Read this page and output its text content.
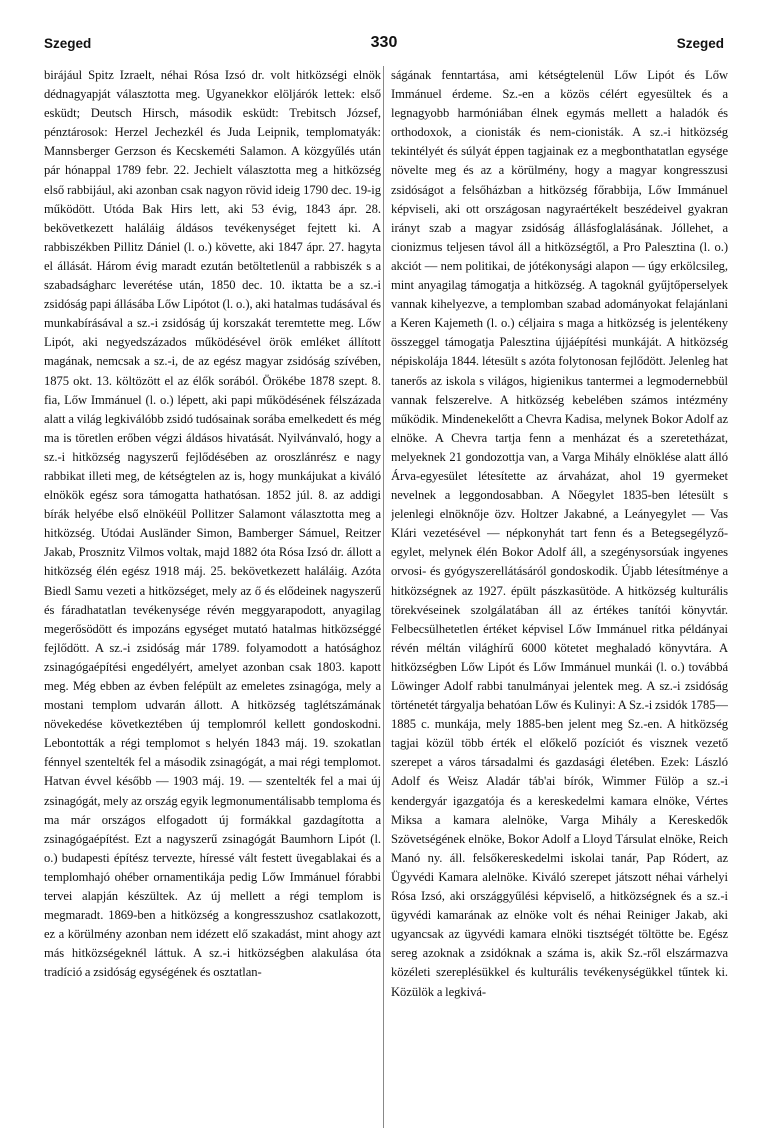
Szeged	330	Szeged

birájául Spitz Izraelt, néhai Rósa Izsó dr. volt hitközségi elnök dédnagyapját választotta meg. Ugyanekkor elöljárók lettek: első esküdt; Deutsch Hirsch, második esküdt: Trebitsch József, pénztárosok: Herzel Jechezkél és Juda Leipnik, templomatyák: Mannsberger Gerzson és Kecskeméti Salamon. A közgyűlés után pár hónappal 1789 febr. 22. Jechielt választotta meg a hitközség első rabbijául, aki azonban csak nagyon rövid ideig 1790 dec. 19-ig működött. Utóda Bak Hirs lett, aki 53 évig, 1843 ápr. 28. bekövetkezett haláláig áldásos tevékenységet fejtett ki. A rabbiszékben Pillitz Dániel (l. o.) követte, aki 1847 ápr. 27. hagyta el állását. Három évig maradt ezután betöltetlenül a rabbiszék s a szabadságharc leverétése után, 1850 dec. 10. iktatta be a sz.-i zsidóság papi állásába Lőw Lipótot (l. o.), aki hatalmas tudásával és munkabírásával a sz.-i zsidóság új korszakát teremtette meg. Lőw Lipót, aki negyedszázados működésével örök emléket állított magának, nemcsak a sz.-i, de az egész magyar zsidóság szívében, 1875 okt. 13. költözött el az élők sorából. Örökébe 1878 szept. 8. fia, Lőw Immánuel (l. o.) lépett, aki papi működésének félszázada alatt a világ legkiválóbb zsidó tudósainak sorába emelkedett és még ma is töretlen erőben végzi áldásos hivatását. Nyilvánvaló, hogy a sz.-i hitközség nagyszerű fejlődésében az oroszlánrész e nagy rabbikat illeti meg, de kétségtelen az is, hogy munkájukat a kiváló elnökök egész sora támogatta hathatósan. 1852 júl. 8. az addigi bírák helyébe első elnökéül Pollitzer Salamont választotta meg a hitközség. Utódai Ausländer Simon, Bamberger Sámuel, Reitzer Jakab, Prosznitz Vilmos voltak, majd 1882 óta Rósa Izsó dr. állott a hitközség élén egész 1918 máj. 25. bekövetkezett haláláig. Azóta Biedl Samu vezeti a hitközséget, mely az ő és elődeinek nagyszerű és fáradhatatlan tevékenysége révén meggyarapodott, anyagilag megerősödött és impozáns egységet mutató hatalmas hitközséggé fejlődött. A sz.-i zsidóság már 1789. folyamodott a hatósághoz zsinagógaépítési engedélyért, amelyet azonban csak 1803. kapott meg. Még ebben az évben felépült az emeletes zsinagóga, mely a mostani templom udvarán állott. A hitközség taglétszámának növekedése következtében új templomról kellett gondoskodni. Lebontották a régi templomot s helyén 1843 máj. 19. szokatlan fénnyel szentelték fel a második zsinagógát, a mai régi templomot. Hatvan évvel később — 1903 máj. 19. — szentelték fel a mai új zsinagógát, mely az ország egyik legmonumentálisabb temploma és ma már országos elfogadott új formákkal gazdagította a zsinagógaépítést. Ezt a nagyszerű zsinagógát Baumhorn Lipót (l. o.) budapesti építész tervezte, híressé vált festett üvegablakai és a templomhajó ohéber ornamentikája pedig Lőw Immánuel fórabbi tervei alapján készültek. Az új mellett a régi templom is megmaradt. 1869-ben a hitközség a kongresszushoz csatlakozott, ez a körülmény azonban nem idézett elő szakadást, mint ahogy azt más hitközségeknél láttuk. A sz.-i hitközségben alakulása óta tradíció a zsidóság egységének és osztatlan-

ságának fenntartása, ami kétségtelenül Lőw Lipót és Lőw Immánuel érdeme. Sz.-en a közös célért egyesültek és a legnagyobb harmóniában élnek egymás mellett a haladók és orthodoxok, a cionisták és nem-cionisták. A sz.-i hitközség tekintélyét és súlyát éppen tagjainak ez a megbonthatatlan egysége növelte meg és az a körülmény, hogy a magyar kongresszusi zsidóságot a felsőházban a hitközség főrabbija, Lőw Immánuel képviseli, aki ott országosan nagyraértékelt beszédeivel gyakran irányt szab a magyar zsidóság állásfoglalásának. Jóllehet, a cionizmus teljesen távol áll a hitközségtől, a Pro Palesztina (l. o.) akciót — nem politikai, de jótékonysági alapon — úgy erkölcsileg, mint anyagilag támogatja a hitközség. A tagoknál gyűjtőperselyek vannak kihelyezve, a templomban szabad adományokat felajánlani a Keren Kajemeth (l. o.) céljaira s maga a hitközség is jelentékeny összeggel támogatja Palesztina újjáépítési munkáját. A hitközség népiskolája 1844. létesült s azóta folytonosan fejlődött. Jelenleg hat tanerős az iskola s világos, higienikus tantermei a legmodernebbül vannak felszerelve. A hitközség kebelében számos intézmény működik. Mindenekelőtt a Chevra Kadisa, melynek Bokor Adolf az elnöke. A Chevra tartja fenn a menházat és a szeretetházat, melyeknek 21 gondozottja van, a Varga Mihály elnöklése alatt álló Árva-egyesület létesítette az árvaházat, ahol 19 gyermeket nevelnek a leggondosabban. A Nőegylet 1835-ben létesült s jelenlegi elnöknője özv. Holtzer Jakabné, a Leányegylet — Vas Klári vezetésével — népkonyhát tart fenn és a Betegsegélyző-egylet, melynek élén Bokor Adolf áll, a szegénysorsúak ingyenes orvosi- és gyógyszerellátásáról gondoskodik. Újabb létesítménye a hitközségnek az 1927. épült pászkasütöde. A hitközség kulturális törekvéseinek szolgálatában áll az értékes tanítói könyvtár. Felbecsülhetetlen értéket képvisel Lőw Immánuel ritka példányai révén méltán világhírű 6000 kötetet meghaladó könyvtára. A hitközségben Lőw Lipót és Lőw Immánuel munkái (l. o.) továbbá Löwinger Adolf rabbi tanulmányai jelentek meg. A sz.-i zsidóság történetét tárgyalja behatóan Lőw és Kulinyi: A Sz.-i zsidók 1785—1885 c. munkája, mely 1885-ben jelent meg Sz.-en. A hitközség tagjai közül több érték el előkelő pozíciót és visznek vezető szerepet a város társadalmi és gazdasági életében. Ezek: László Adolf és Weisz Aladár táb'ai bírók, Wimmer Fülöp a sz.-i kendergyár igazgatója és a kereskedelmi kamara elnöke, Vértes Miksa a kamara alelnöke, Varga Mihály a Kereskedők Szövetségének elnöke, Bokor Adolf a Lloyd Társulat elnöke, Reich Manó ny. áll. felsőkereskedelmi iskolai tanár, Pap Ródert, az Ügyvédi Kamara alelnöke. Kiváló szerepet játszott néhai várhelyi Rósa Izsó, aki országgyűlési képviselő, a hitközségnek és a sz.-i ügyvédi kamarának az elnöke volt és néhai Reiniger Jakab, aki ugyancsak az ügyvédi kamara elnöki tisztségét töltötte be. Egész sereg azoknak a zsidóknak a száma is, akik Sz.-ről elszármazva közéleti szereplésükkel és kulturális tevékenységükkel tűntek ki. Közülök a legkivá-
